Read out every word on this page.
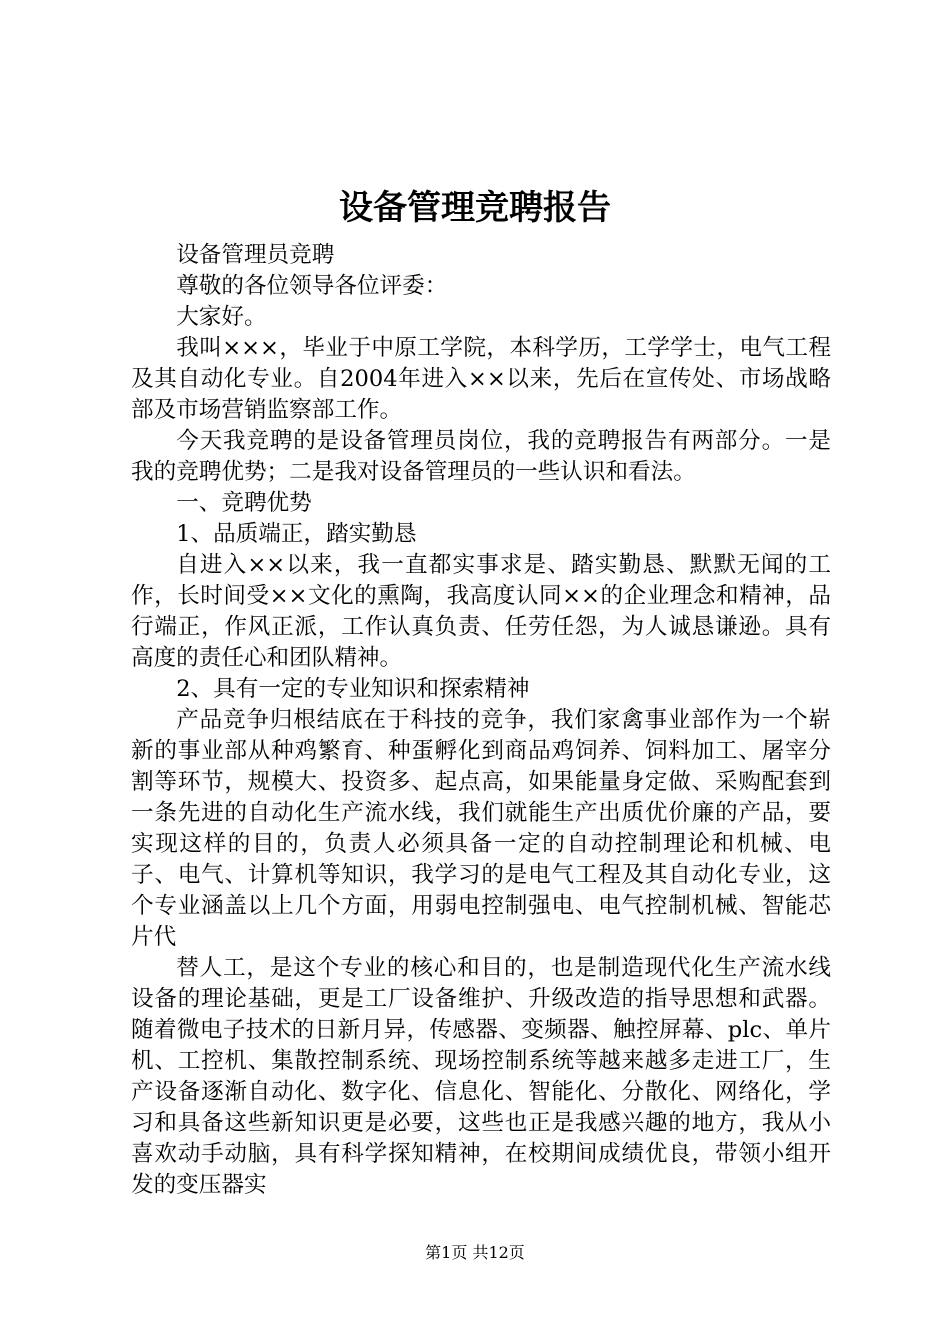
设备管理竞聘报告

设备管理员竞聘

尊敬的各位领导各位评委：

大家好。

我叫×××，毕业于中原工学院，本科学历，工学学士，电气工程及其自动化专业。自2004年进入××以来，先后在宣传处、市场战略部及市场营销监察部工作。

今天我竞聘的是设备管理员岗位，我的竞聘报告有两部分。一是我的竞聘优势；二是我对设备管理员的一些认识和看法。

一、竞聘优势

1、品质端正，踏实勤恳

自进入××以来，我一直都实事求是、踏实勤恳、默默无闻的工作，长时间受××文化的熏陶，我高度认同××的企业理念和精神，品行端正，作风正派，工作认真负责、任劳任怨，为人诚恳谦逊。具有高度的责任心和团队精神。

2、具有一定的专业知识和探索精神

产品竞争归根结底在于科技的竞争，我们家禽事业部作为一个崭新的事业部从种鸡繁育、种蛋孵化到商品鸡饲养、饲料加工、屠宰分割等环节，规模大、投资多、起点高，如果能量身定做、采购配套到一条先进的自动化生产流水线，我们就能生产出质优价廉的产品，要实现这样的目的，负责人必须具备一定的自动控制理论和机械、电子、电气、计算机等知识，我学习的是电气工程及其自动化专业，这个专业涵盖以上几个方面，用弱电控制强电、电气控制机械、智能芯片代

替人工，是这个专业的核心和目的，也是制造现代化生产流水线设备的理论基础，更是工厂设备维护、升级改造的指导思想和武器。随着微电子技术的日新月异，传感器、变频器、触控屏幕、plc、单片机、工控机、集散控制系统、现场控制系统等越来越多走进工厂，生产设备逐渐自动化、数字化、信息化、智能化、分散化、网络化，学习和具备这些新知识更是必要，这些也正是我感兴趣的地方，我从小喜欢动手动脑，具有科学探知精神，在校期间成绩优良，带领小组开发的变压器实

第1页 共12页
